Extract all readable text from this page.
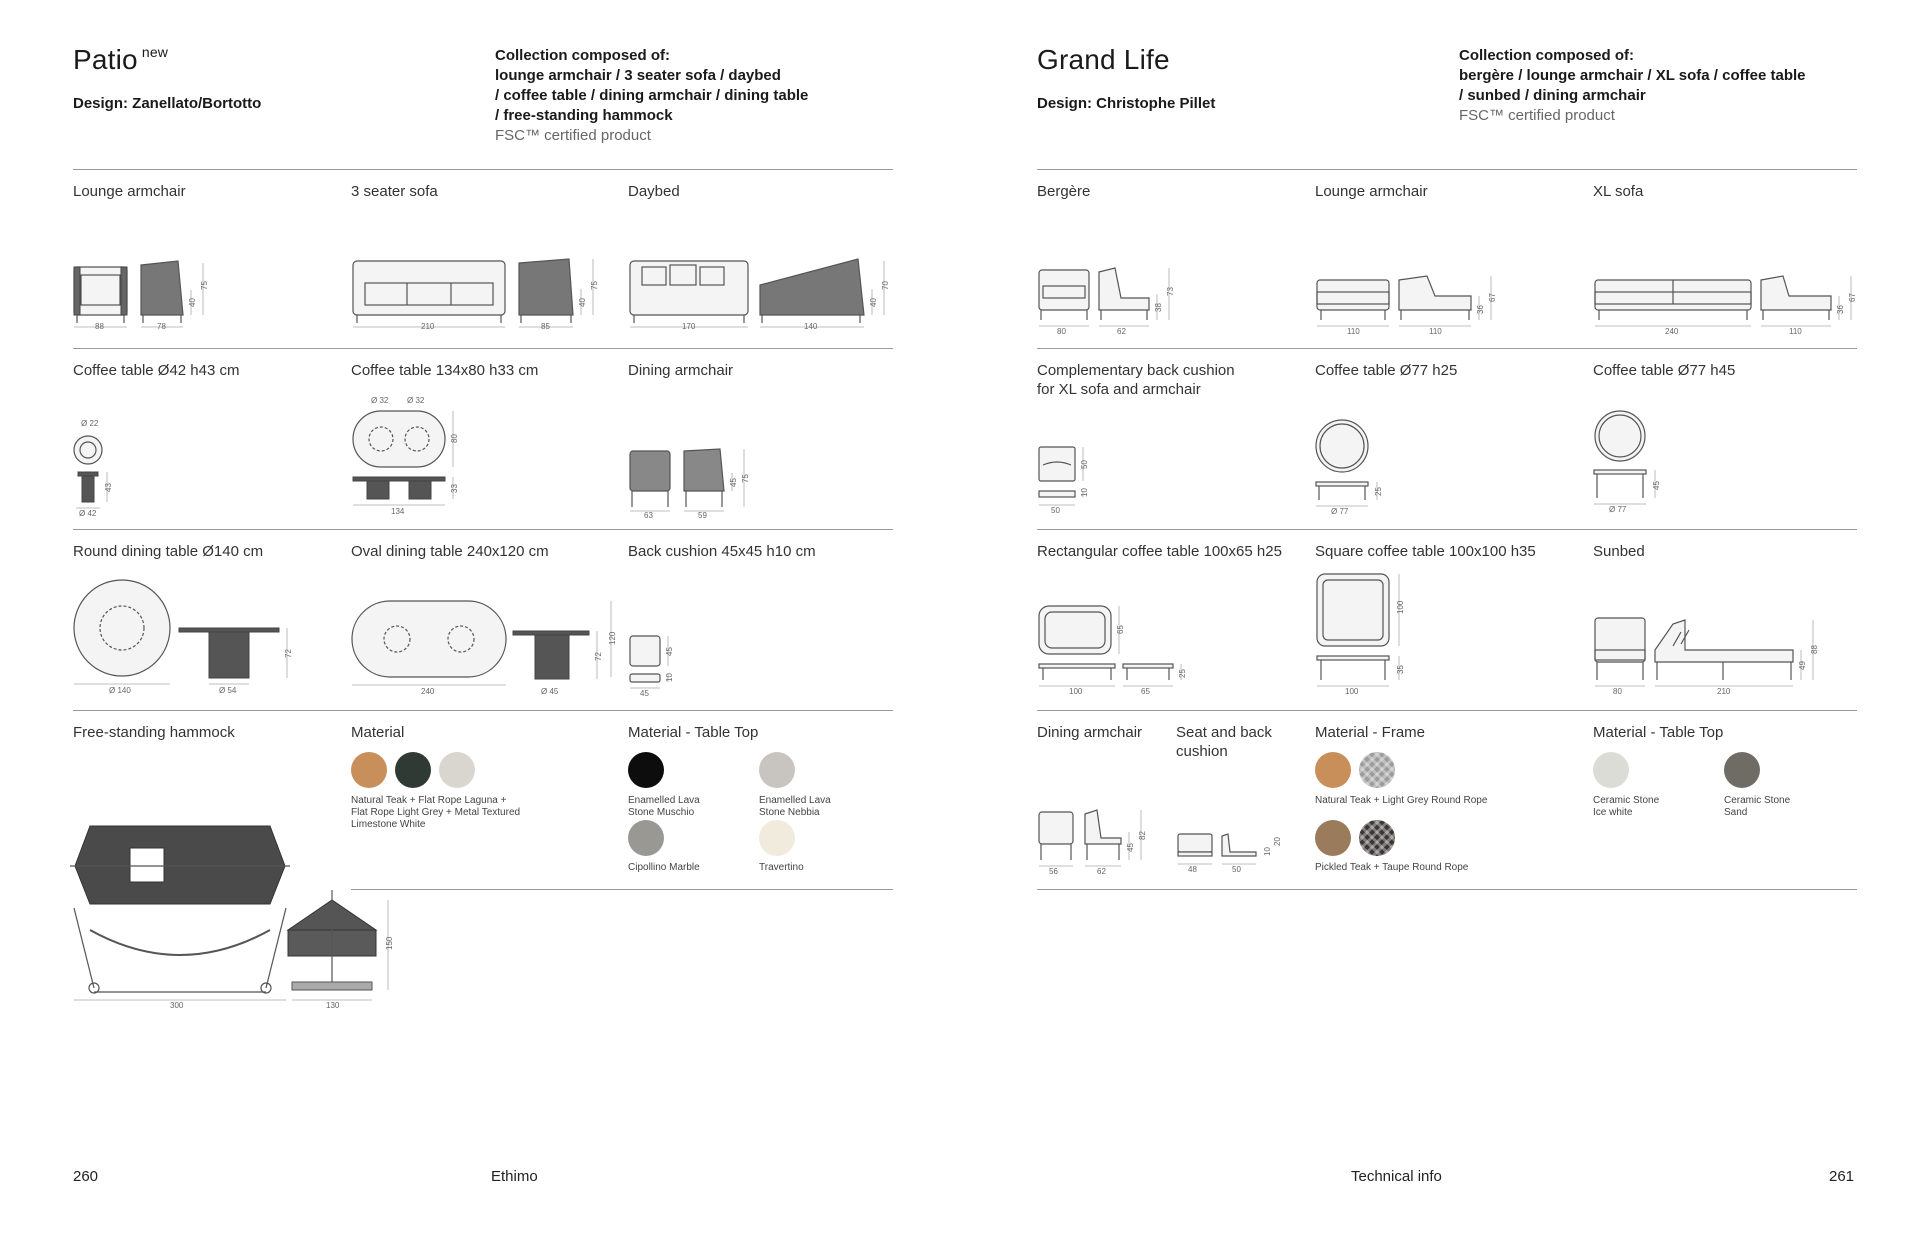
Patio $^{new}$
Design: Zanellato/Bortotto
Collection composed of:
lounge armchair / 3 seater sofa / daybed
/ coffee table / dining armchair / dining table
/ free-standing hammock
FSC™ certified product
Lounge armchair	3 seater sofa	Daybed
88	78
40
75
210	85
40
75
170	140
40
70
Coffee table Ø42 h43 cm	Coffee table 134x80 h33 cm	Dining armchair
Ø 22
Ø 42
43
Ø 32 Ø 32
80
134
33
63	59
45 75
Round dining table Ø140 cm	Oval dining table 240x120 cm	Back cushion 45x45 h10 cm
Ø 140	Ø 54
72
240	Ø 45
120
72
45
45
10
Free-standing hammock	Material	Material - Table Top
300	130
150
Natural Teak + Flat Rope Laguna +
Flat Rope Light Grey + Metal Textured
Limestone White
Enamelled Lava
Stone Muschio
Enamelled Lava
Stone Nebbia
Cipollino Marble	Travertino
Grand Life
Design: Christophe Pillet
Collection composed of:
bergère / lounge armchair / XL sofa / coffee table
/ sunbed / dining armchair
FSC™ certified product
Bergère	Lounge armchair	XL sofa
80	62
38
73
110	110
36
67
240	110
36
67
Complementary back cushion
for XL sofa and armchair
Coffee table Ø77 h25	Coffee table Ø77 h45
50
50
10
Ø 77
25
Ø 77
45
Rectangular coffee table 100x65 h25 Square coffee table 100x100 h35	Sunbed
65
100	65
25
100
100
35
80	210
49
88
Dining armchair Seat and back
cushion
Material - Frame	Material - Table Top
56	62
45
82
48	50
10
20
Natural Teak + Light Grey Round Rope
Pickled Teak + Taupe Round Rope
Ceramic Stone
Ice white
Ceramic Stone
Sand
260	Ethimo	Technical info	261
